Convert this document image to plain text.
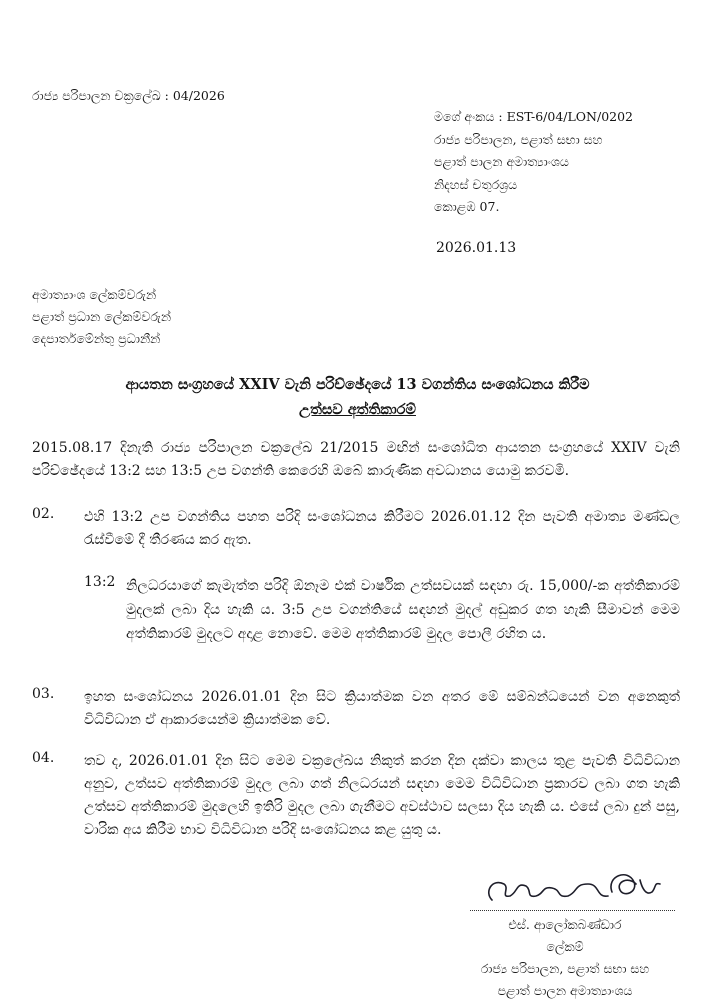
රාජ්‍ය පරිපාලන චක්‍රලේඛ : 04/2026
මගේ අංකය : EST-6/04/LON/0202
රාජ්‍ය පරිපාලන, පළාත් සභා සහ
පළාත් පාලන අමාත්‍යාංශය
නිදහස් චතුරශ්‍රය
කොළඹ 07.
2026.01.13
අමාත්‍යාංශ ලේකම්වරුන්
පළාත් ප්‍රධාන ලේකම්වරුන්
දෙපාර්තමේන්තු ප්‍රධානීන්
ආයතන සංග්‍රහයේ XXIV වැනි පරිච්ඡේදයේ 13 වගන්තිය සංශෝධනය කිරීම
උත්සව අත්තිකාරම්
2015.08.17 දිනැති රාජ්‍ය පරිපාලන චක්‍රලේඛ 21/2015 මඟින් සංශෝධිත ආයතන සංග්‍රහයේ XXIV වැනි පරිච්ඡේදයේ 13:2 සහ 13:5 උප වගන්ති කෙරෙහි ඔබේ කාරුණික අවධානය යොමු කරවමි.
02. එහි 13:2 උප වගන්තිය පහත පරිදි සංශෝධනය කිරීමට 2026.01.12 දින පැවති අමාත්‍ය මණ්ඩල රැස්වීමේ දී තීරණය කර ඇත.
13:2 නිලධරයාගේ කැමැත්ත පරිදි ඕනෑම එක් වාර්ෂික උත්සවයක් සඳහා රු. 15,000/-ක අත්තිකාරම් මුදලක් ලබා දිය හැකි ය. 3:5 උප වගන්තියේ සඳහන් මුදල් අඩුකර ගත හැකි සීමාවන් මෙම අත්තිකාරම් මුදලට අදාළ නොවේ. මෙම අත්තිකාරම් මුදල පොලී රහිත ය.
03. ඉහත සංශෝධනය 2026.01.01 දින සිට ක්‍රියාත්මක වන අතර මේ සම්බන්ධයෙන් වන අනෙකුත් විධිවිධාන ඒ ආකාරයෙන්ම ක්‍රියාත්මක වේ.
04. තව ද, 2026.01.01 දින සිට මෙම චක්‍රලේඛය නිකුත් කරන දින දක්වා කාලය තුළ පැවති විධිවිධාන අනුව, උත්සව අත්තිකාරම් මුදල ලබා ගත් නිලධරයන් සඳහා මෙම විධිවිධාන ප්‍රකාරව ලබා ගත හැකි උත්සව අත්තිකාරම් මුදලෙහි ඉතිරි මුදල ලබා ගැනීමට අවස්ථාව සලසා දිය හැකි ය. එසේ ලබා දුන් පසු, වාරික අය කිරීම භාව විධිවිධාන පරිදි සංශෝධනය කළ යුතු ය.
එස්. ආලෝකබණ්ඩාර
ලේකම්
රාජ්‍ය පරිපාලන, පළාත් සභා සහ
පළාත් පාලන අමාත්‍යාංශය
